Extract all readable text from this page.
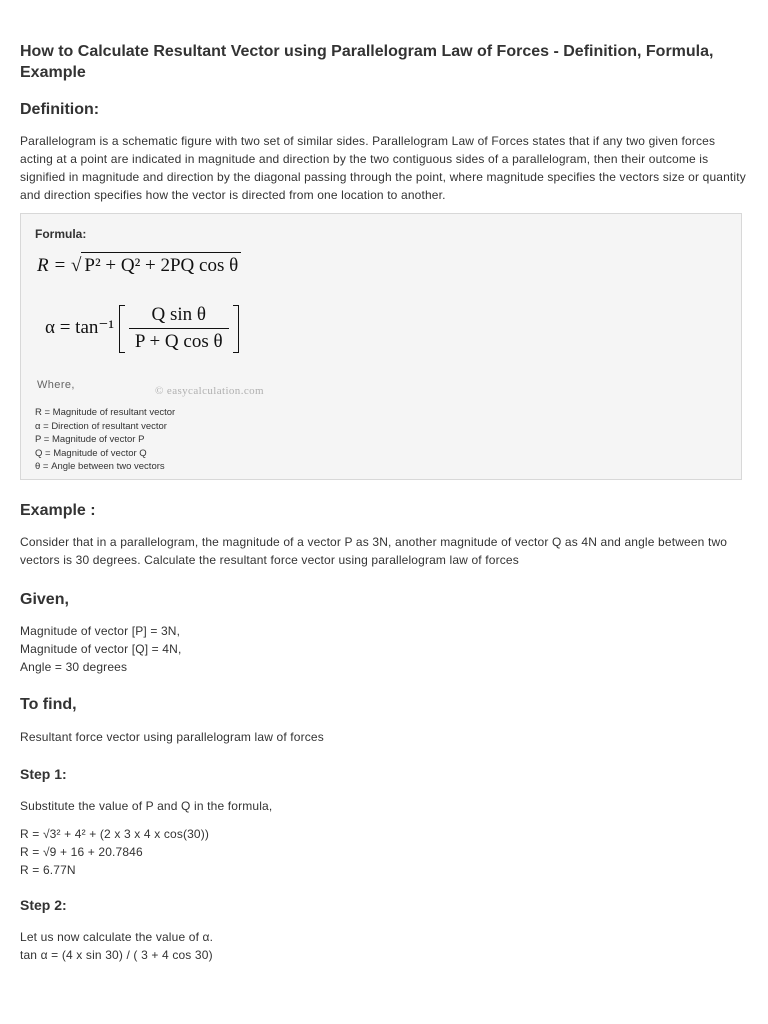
How to Calculate Resultant Vector using Parallelogram Law of Forces - Definition, Formula, Example
Definition:

Parallelogram is a schematic figure with two set of similar sides. Parallelogram Law of Forces states that if any two given forces acting at a point are indicated in magnitude and direction by the two contiguous sides of a parallelogram, then their outcome is signified in magnitude and direction by the diagonal passing through the point, where magnitude specifies the vectors size or quantity and direction specifies how the vector is directed from one location to another.

Formula:
R = √ P² + Q² + 2PQ cos θ
$\alpha = \tan^{-1} \frac{\text{Q sin θ}}{\text{P + Q cos θ}}$
© easycalculation.com
Where,
R = Magnitude of resultant vector
α = Direction of resultant vector
P = Magnitude of vector P
Q = Magnitude of vector Q
θ = Angle between two vectors
Example :

Consider that in a parallelogram, the magnitude of a vector P as 3N, another magnitude of vector Q as 4N and angle between two vectors is 30 degrees. Calculate the resultant force vector using parallelogram law of forces

Given,
Magnitude of vector [P] = 3N,
Magnitude of vector [Q] = 4N,
Angle = 30 degrees
To find,

Resultant force vector using parallelogram law of forces

Step 1:

Substitute the value of P and Q in the formula,

R = √3² + 4² + (2 x 3 x 4 x cos(30))
R = √9 + 16 + 20.7846
R = 6.77N
Step 2:
Let us now calculate the value of α.
tan α = (4 x sin 30) / ( 3 + 4 cos 30)
